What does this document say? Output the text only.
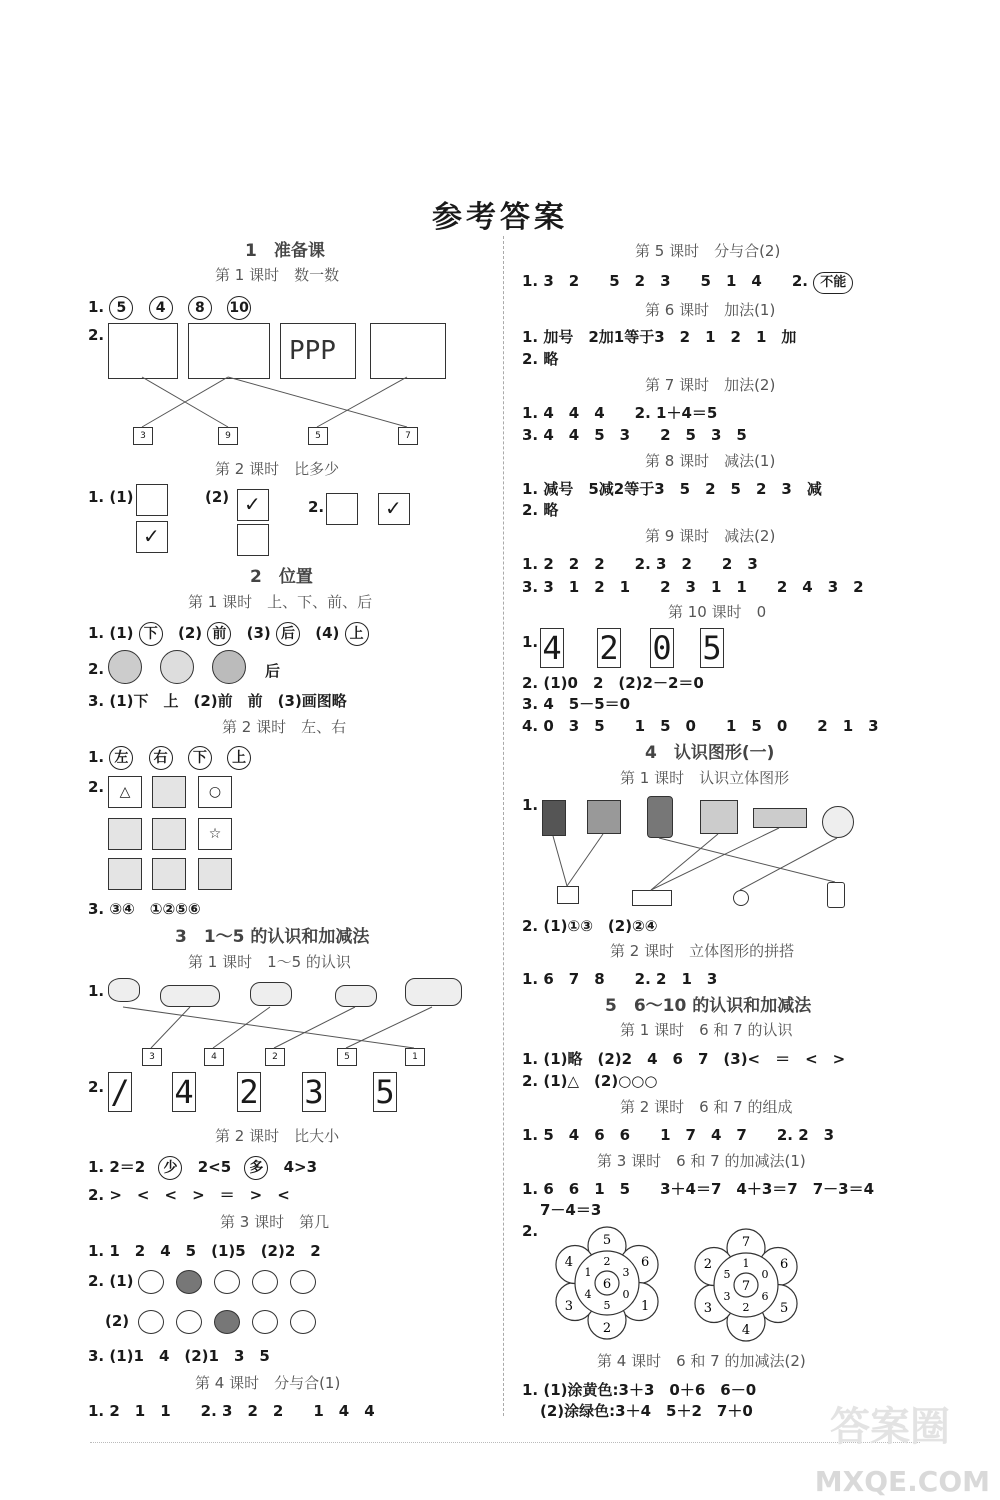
参考答案
1　准备课
第 1 课时　数一数
1. 5 4 8 10
2.
PPP
3	9	5	7
第 2 课时　比多少
1. (1)
✓	(2)
✓
2.
✓
2　位置
第 1 课时　上、下、前、后
1. (1) 下 (2) 前 (3) 后 (4) 上
2.	后
3. (1)下　上　(2)前　前　(3)画图略
第 2 课时　左、右
1. 左 右 下 上
2.	△	○
☆
3. ③④　①②⑤⑥
3　1～5 的认识和加减法
第 1 课时　1～5 的认识
1.
3	4	2	5	1
2. / 4 2 3 5
第 2 课时　比大小
1. 2＝2 少 2<5 多 4>3
2. >　<　<　>　＝　>　<
第 3 课时　第几
1. 1　2　4　5　(1)5　(2)2　2
2. (1)
(2)
3. (1)1　4　(2)1　3　5
第 4 课时　分与合(1)
1. 2　1　1　　2. 3　2　2　　1　4　4
第 5 课时　分与合(2)
1. 3　2　　5　2　3　　5　1　4　　2. 不能
第 6 课时　加法(1)
1. 加号　2加1等于3　2　1　2　1　加
2. 略
第 7 课时　加法(2)
1. 4　4　4　　2. 1＋4＝5
3. 4　4　5　3　　2　5　3　5
第 8 课时　减法(1)
1. 减号　5减2等于3　5　2　5　2　3　减
2. 略
第 9 课时　减法(2)
1. 2　2　2　　2. 3　2　　2　3
3. 3　1　2　1　　2　3　1　1　　2　4　3　2
第 10 课时　0
1. 4 2 0 5
2. (1)0　2　(2)2－2＝0
3. 4　5－5＝0
4. 0　3　5　　1　5　0　　1　5　0　　2　1　3
4　认识图形(一)
第 1 课时　认识立体图形
1.
2. (1)①③　(2)②④
第 2 课时　立体图形的拼搭
1. 6　7　8　　2. 2　1　3
5　6～10 的认识和加减法
第 1 课时　6 和 7 的认识
1. (1)略　(2)2　4　6　7　(3)<　＝　<　>
2. (1)△　(2)○○○
第 2 课时　6 和 7 的组成
1. 5　4　6　6　　1　7　4　7　　2. 2　3
第 3 课时　6 和 7 的加减法(1)
1. 6　6　1　5　　3＋4＝7　4＋3＝7　7－3＝4
7－4＝3
2.
5
6
1
2
3
4	2
3
0
5
4
1
6
7
6
5
4
3
2	1
0
6
2
3
5
7
第 4 课时　6 和 7 的加减法(2)
1. (1)涂黄色:3＋3　0＋6　6－0
(2)涂绿色:3＋4　5＋2　7＋0 答案圈
MXQE.COM
